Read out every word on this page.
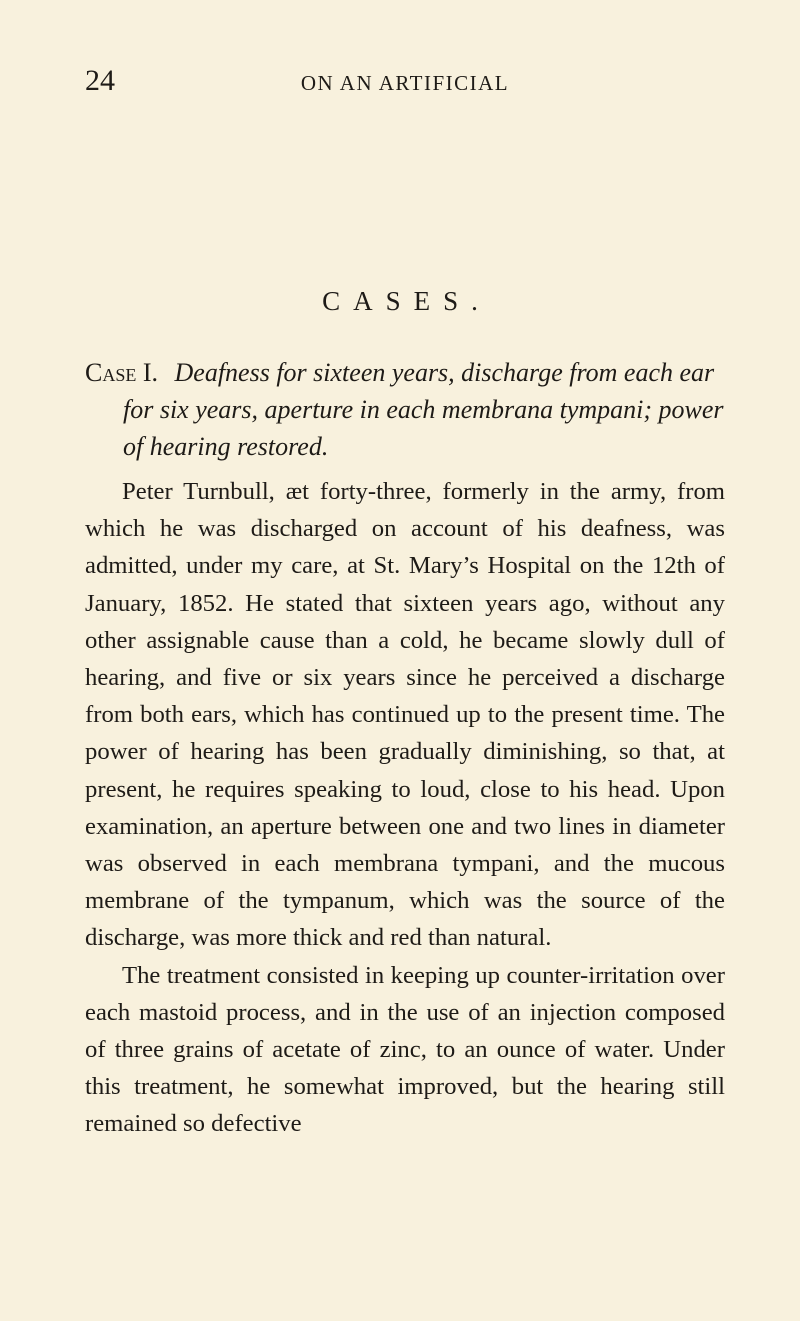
24	ON AN ARTIFICIAL
CASES.
Case I. Deafness for sixteen years, discharge from each ear for six years, aperture in each membrana tympani; power of hearing restored.

Peter Turnbull, æt forty-three, formerly in the army, from which he was discharged on account of his deafness, was admitted, under my care, at St. Mary’s Hospital on the 12th of January, 1852. He stated that sixteen years ago, without any other assignable cause than a cold, he became slowly dull of hearing, and five or six years since he perceived a discharge from both ears, which has continued up to the present time. The power of hearing has been gradually diminishing, so that, at present, he requires speaking to loud, close to his head. Upon examination, an aperture between one and two lines in diameter was observed in each membrana tympani, and the mucous membrane of the tympanum, which was the source of the discharge, was more thick and red than natural.

The treatment consisted in keeping up counter-irritation over each mastoid process, and in the use of an injection composed of three grains of acetate of zinc, to an ounce of water. Under this treatment, he somewhat improved, but the hearing still remained so defective
